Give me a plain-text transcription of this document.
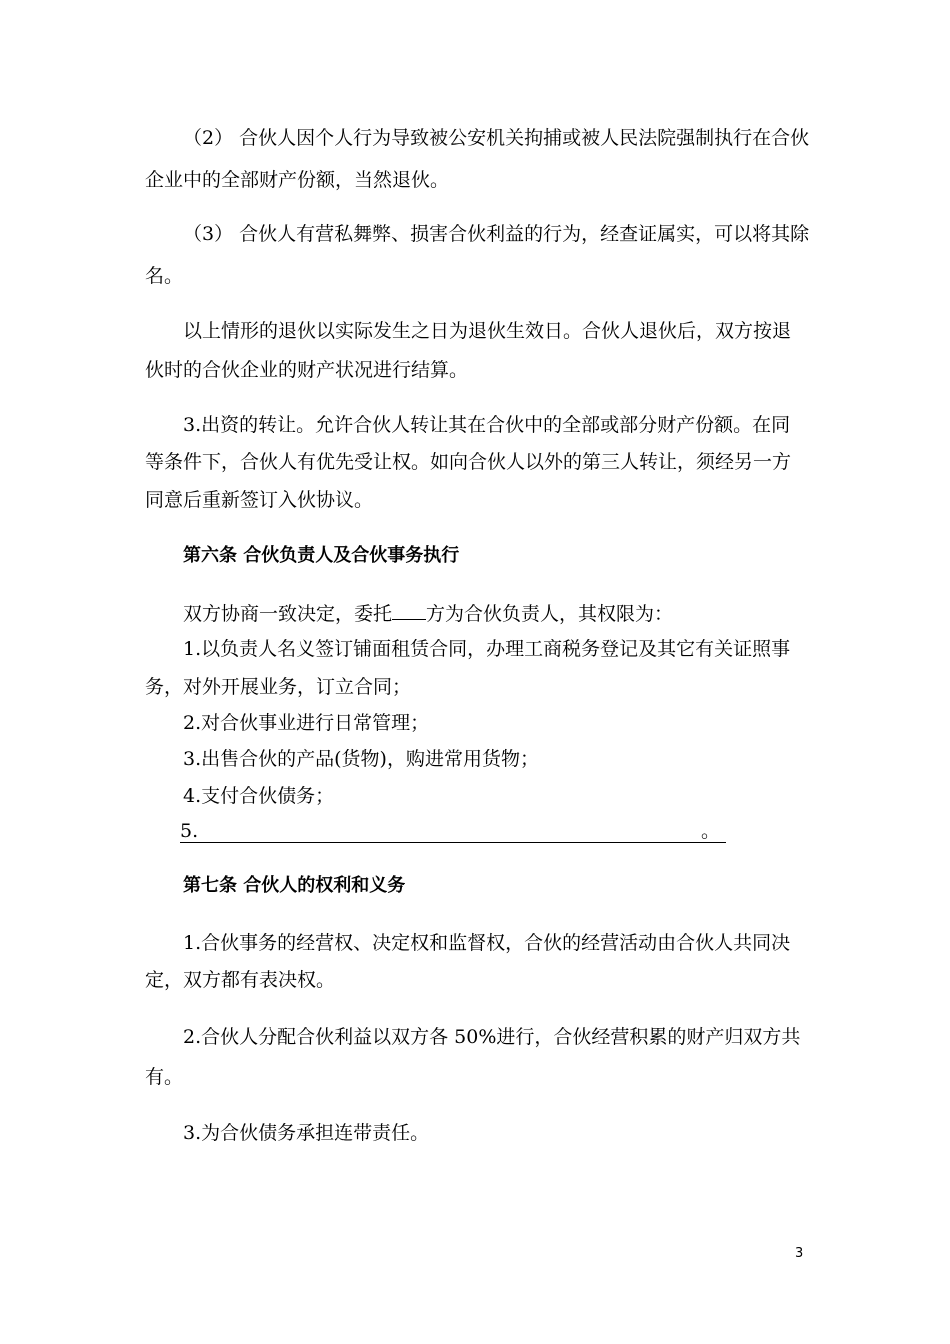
（2） 合伙人因个人行为导致被公安机关拘捕或被人民法院强制执行在合伙
企业中的全部财产份额，当然退伙。
（3） 合伙人有营私舞弊、损害合伙利益的行为，经查证属实，可以将其除
名。
以上情形的退伙以实际发生之日为退伙生效日。合伙人退伙后，双方按退
伙时的合伙企业的财产状况进行结算。
3.出资的转让。允许合伙人转让其在合伙中的全部或部分财产份额。在同
等条件下，合伙人有优先受让权。如向合伙人以外的第三人转让，须经另一方
同意后重新签订入伙协议。
第六条 合伙负责人及合伙事务执行
双方协商一致决定，委托 方为合伙负责人，其权限为：
1.以负责人名义签订铺面租赁合同，办理工商税务登记及其它有关证照事
务，对外开展业务，订立合同；
2.对合伙事业进行日常管理；
3.出售合伙的产品(货物)，购进常用货物；
4.支付合伙债务；
5.	。
第七条 合伙人的权利和义务
1.合伙事务的经营权、决定权和监督权，合伙的经营活动由合伙人共同决
定，双方都有表决权。
2.合伙人分配合伙利益以双方各 50%进行，合伙经营积累的财产归双方共
有。
3.为合伙债务承担连带责任。
3
